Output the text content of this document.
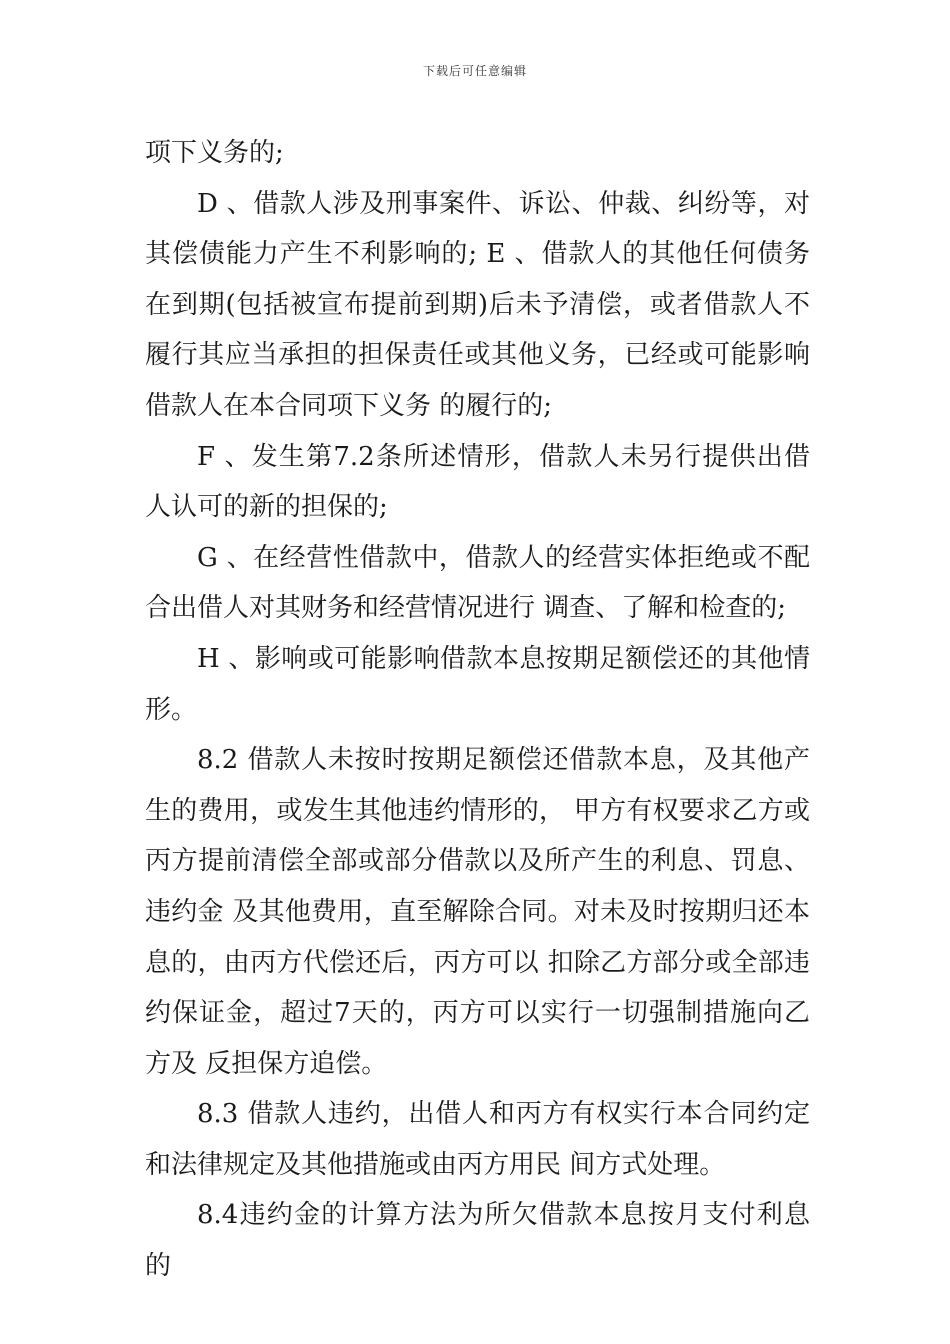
下载后可任意编辑

项下义务的;

D 、借款人涉及刑事案件、诉讼、仲裁、纠纷等，对其偿债能力产生不利影响的; E 、借款人的其他任何债务在到期(包括被宣布提前到期)后未予清偿，或者借款人不履行其应当承担的担保责任或其他义务，已经或可能影响借款人在本合同项下义务 的履行的;

F 、发生第7.2条所述情形，借款人未另行提供出借人认可的新的担保的;

G 、在经营性借款中，借款人的经营实体拒绝或不配合出借人对其财务和经营情况进行 调查、了解和检查的;

H 、影响或可能影响借款本息按期足额偿还的其他情形。

8.2 借款人未按时按期足额偿还借款本息，及其他产生的费用，或发生其他违约情形的， 甲方有权要求乙方或丙方提前清偿全部或部分借款以及所产生的利息、罚息、违约金 及其他费用，直至解除合同。对未及时按期归还本息的，由丙方代偿还后，丙方可以 扣除乙方部分或全部违约保证金，超过7天的，丙方可以实行一切强制措施向乙方及 反担保方追偿。

8.3 借款人违约，出借人和丙方有权实行本合同约定和法律规定及其他措施或由丙方用民 间方式处理。

8.4违约金的计算方法为所欠借款本息按月支付利息的
